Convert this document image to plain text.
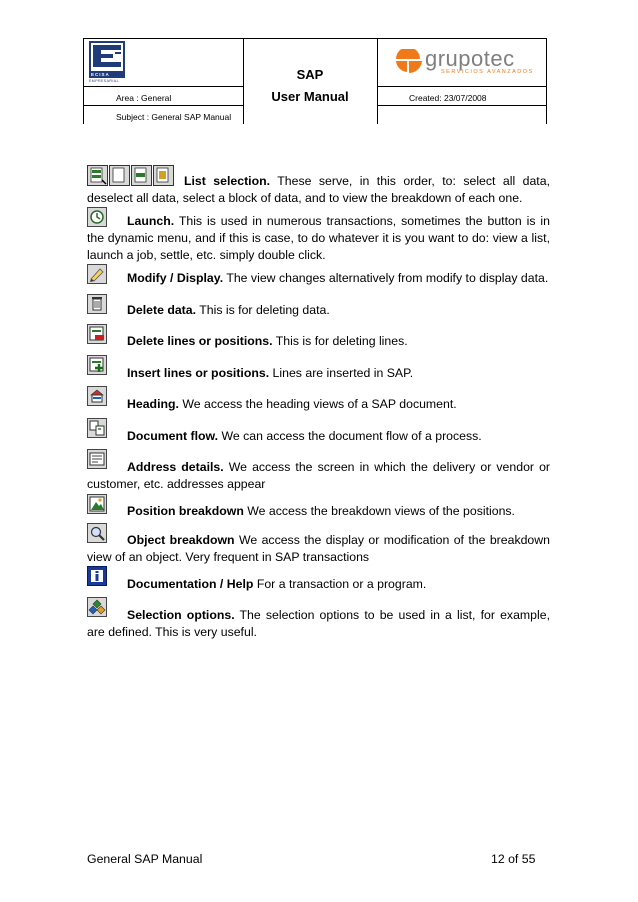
ECISA
EMPRESARIAL	SAP
User Manual
grupotec
SERVICIOS AVANZADOS
Area : General
Subject : General SAP Manual
Created: 23/07/2008
List selection. These serve, in this order, to: select all data, deselect all data, select a block of data, and to view the breakdown of each one.
Launch. This is used in numerous transactions, sometimes the button is in the dynamic menu, and if this is case, to do whatever it is you want to do: view a list, launch a job, settle, etc. simply double click.
Modify / Display. The view changes alternatively from modify to display data.
Delete data. This is for deleting data.
Delete lines or positions. This is for deleting lines.
Insert lines or positions. Lines are inserted in SAP.
Heading. We access the heading views of a SAP document.
Document flow. We can access the document flow of a process.
Address details. We access the screen in which the delivery or vendor or customer, etc. addresses appear
Position breakdown We access the breakdown views of the positions.
Object breakdown We access the display or modification of the breakdown view of an object. Very frequent in SAP transactions
Documentation / Help For a transaction or a program.
Selection options. The selection options to be used in a list, for example, are defined. This is very useful.
General SAP Manual	12 of 55
